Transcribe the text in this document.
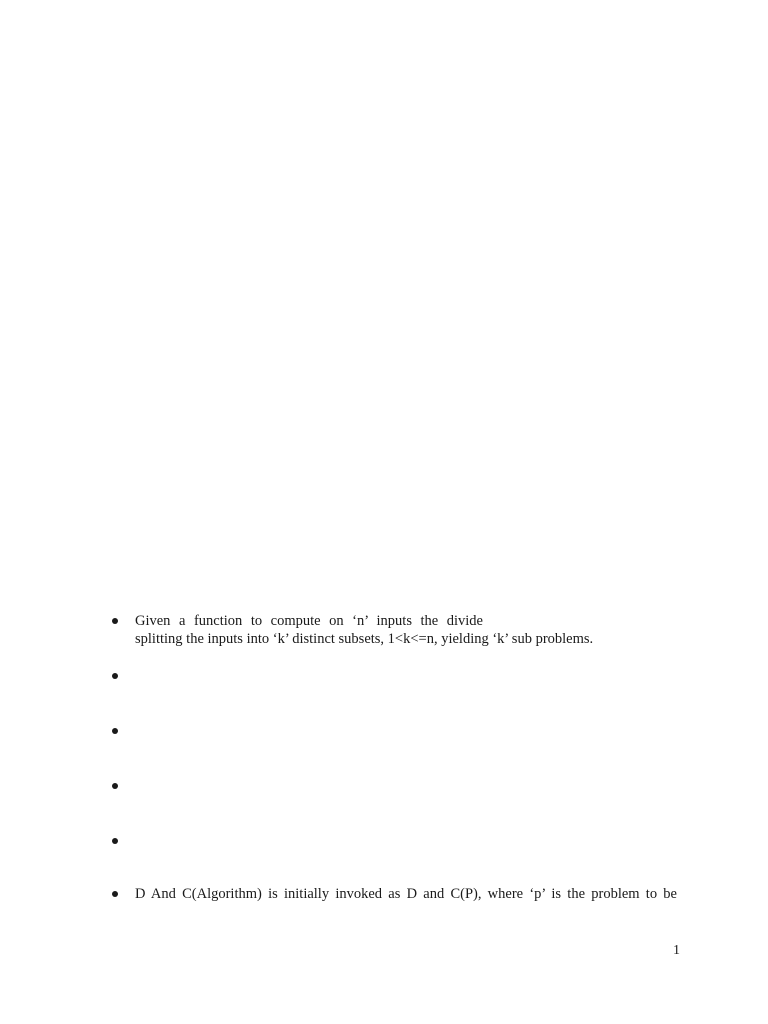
Given a function to compute on ‘n’ inputs the divide
splitting the inputs into ‘k’ distinct subsets, 1<k<=n, yielding ‘k’ sub problems.
D And C(Algorithm) is initially invoked as D and C(P), where ‘p’ is the problem to be
1
